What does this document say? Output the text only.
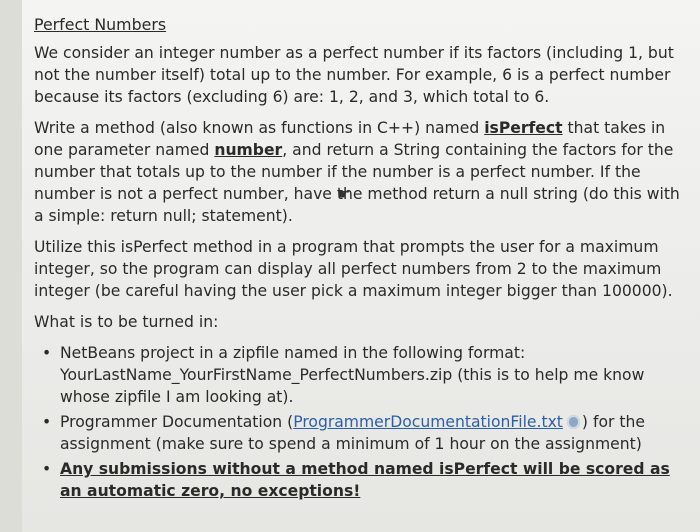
Perfect Numbers

We consider an integer number as a perfect number if its factors (including 1, but not the number itself) total up to the number. For example, 6 is a perfect number because its factors (excluding 6) are: 1, 2, and 3, which total to 6.

Write a method (also known as functions in C++) named isPerfect that takes in one parameter named number, and return a String containing the factors for the number that totals up to the number if the number is a perfect number. If the number is not a perfect number, have the method return a null string (do this with a simple: return null; statement).

Utilize this isPerfect method in a program that prompts the user for a maximum integer, so the program can display all perfect numbers from 2 to the maximum integer (be careful having the user pick a maximum integer bigger than 100000).

What is to be turned in:

• NetBeans project in a zipfile named in the following format: YourLastName_YourFirstName_PerfectNumbers.zip (this is to help me know whose zipfile I am looking at).
• Programmer Documentation (ProgrammerDocumentationFile.txt ) for the assignment (make sure to spend a minimum of 1 hour on the assignment)
• Any submissions without a method named isPerfect will be scored as an automatic zero, no exceptions!
